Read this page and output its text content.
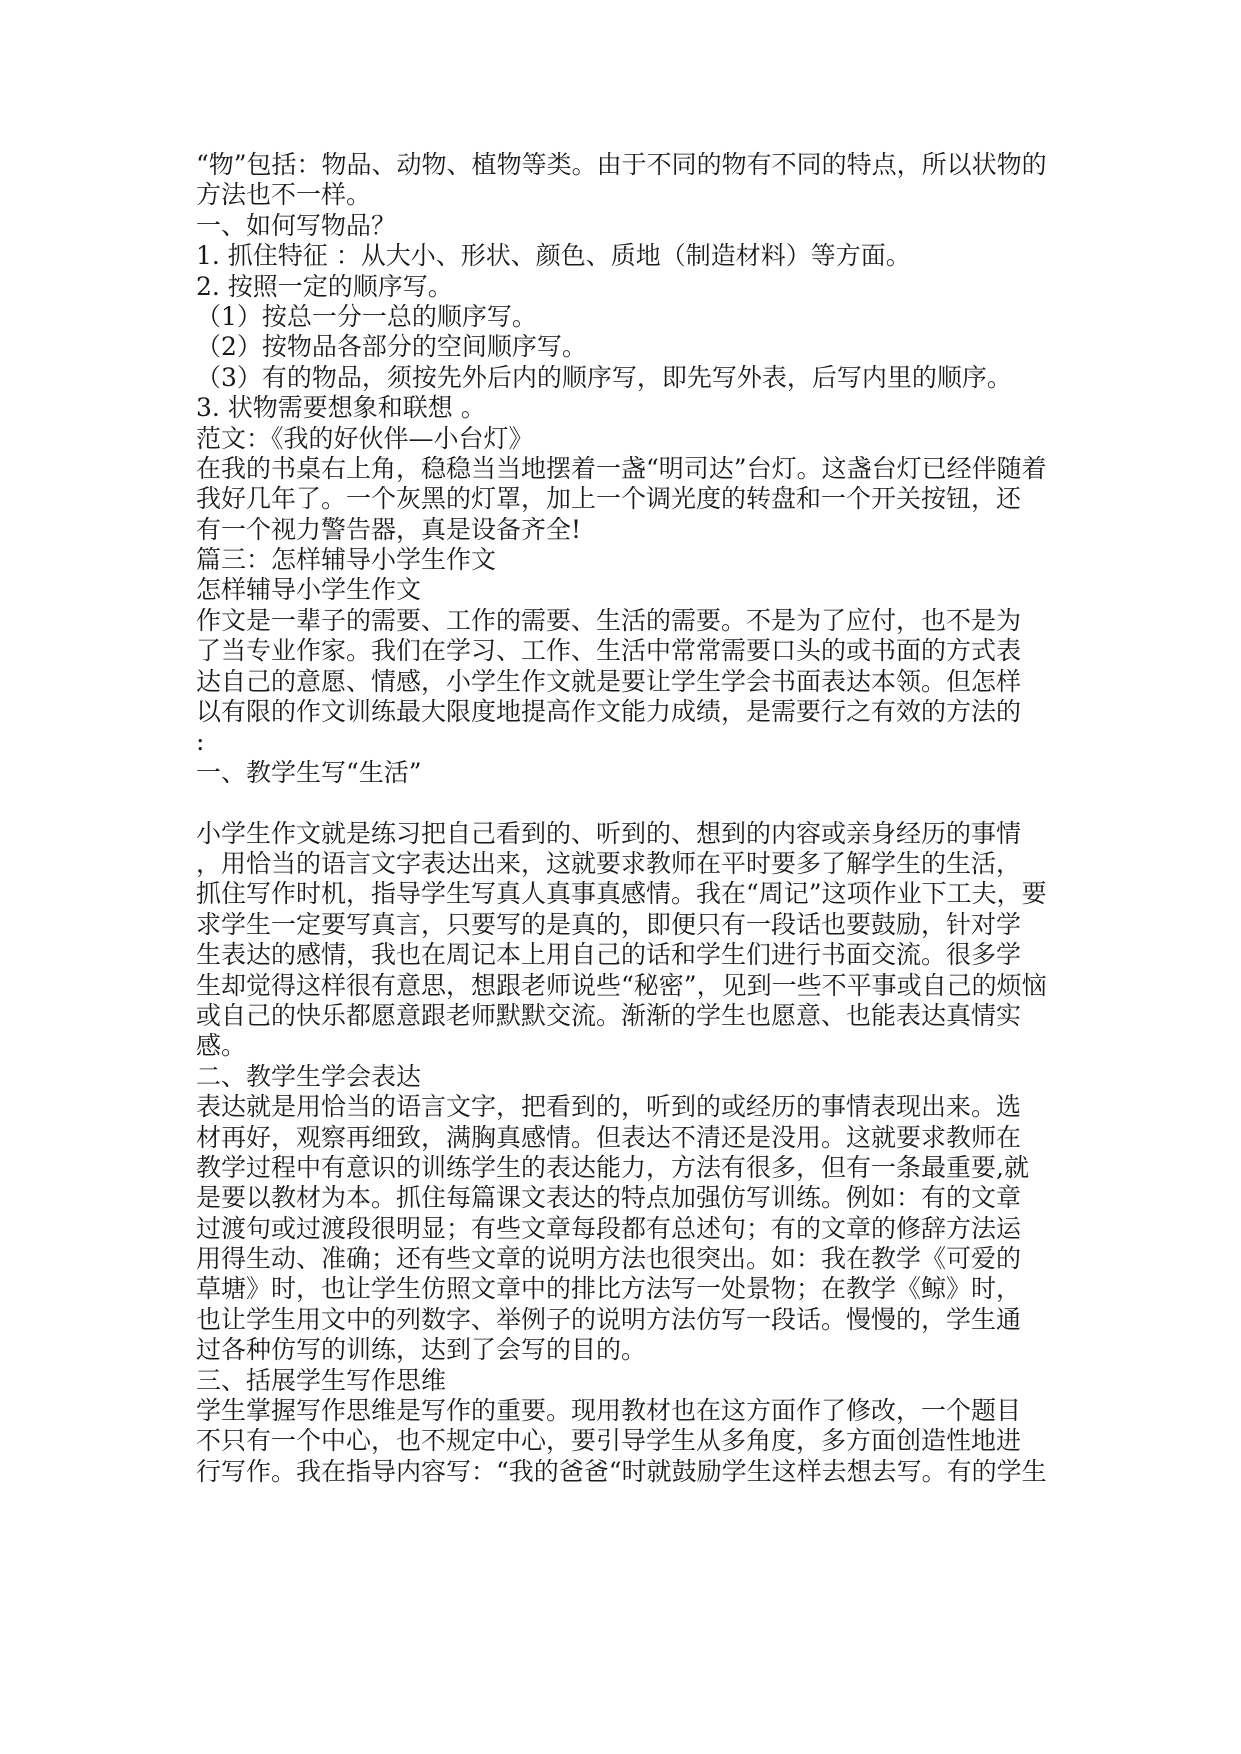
“物”包括：物品、动物、植物等类。由于不同的物有不同的特点，所以状物的
方法也不一样。
一、如何写物品？
1. 抓住特征 ：从大小、形状、颜色、质地（制造材料）等方面。
2. 按照一定的顺序写。
（1）按总一分一总的顺序写。
（2）按物品各部分的空间顺序写。
（3）有的物品，须按先外后内的顺序写，即先写外表，后写内里的顺序。
3. 状物需要想象和联想 。
范文：《我的好伙伴—小台灯》
在我的书桌右上角，稳稳当当地摆着一盏“明司达”台灯。这盏台灯已经伴随着
我好几年了。一个灰黑的灯罩，加上一个调光度的转盘和一个开关按钮，还
有一个视力警告器，真是设备齐全!
篇三：怎样辅导小学生作文
怎样辅导小学生作文
作文是一辈子的需要、工作的需要、生活的需要。不是为了应付，也不是为
了当专业作家。我们在学习、工作、生活中常常需要口头的或书面的方式表
达自己的意愿、情感，小学生作文就是要让学生学会书面表达本领。但怎样
以有限的作文训练最大限度地提高作文能力成绩，是需要行之有效的方法的
:
一、教学生写“生活”
小学生作文就是练习把自己看到的、听到的、想到的内容或亲身经历的事情
，用恰当的语言文字表达出来，这就要求教师在平时要多了解学生的生活，
抓住写作时机，指导学生写真人真事真感情。我在“周记”这项作业下工夫，要
求学生一定要写真言，只要写的是真的，即便只有一段话也要鼓励，针对学
生表达的感情，我也在周记本上用自己的话和学生们进行书面交流。很多学
生却觉得这样很有意思，想跟老师说些“秘密”，见到一些不平事或自己的烦恼
或自己的快乐都愿意跟老师默默交流。渐渐的学生也愿意、也能表达真情实
感。
二、教学生学会表达
表达就是用恰当的语言文字，把看到的，听到的或经历的事情表现出来。选
材再好，观察再细致，满胸真感情。但表达不清还是没用。这就要求教师在
教学过程中有意识的训练学生的表达能力，方法有很多，但有一条最重要,就
是要以教材为本。抓住每篇课文表达的特点加强仿写训练。例如：有的文章
过渡句或过渡段很明显；有些文章每段都有总述句；有的文章的修辞方法运
用得生动、准确；还有些文章的说明方法也很突出。如：我在教学《可爱的
草塘》时，也让学生仿照文章中的排比方法写一处景物；在教学《鲸》时，
也让学生用文中的列数字、举例子的说明方法仿写一段话。慢慢的，学生通
过各种仿写的训练，达到了会写的目的。
三、括展学生写作思维
学生掌握写作思维是写作的重要。现用教材也在这方面作了修改，一个题目
不只有一个中心，也不规定中心，要引导学生从多角度，多方面创造性地进
行写作。我在指导内容写：“我的爸爸“时就鼓励学生这样去想去写。有的学生
